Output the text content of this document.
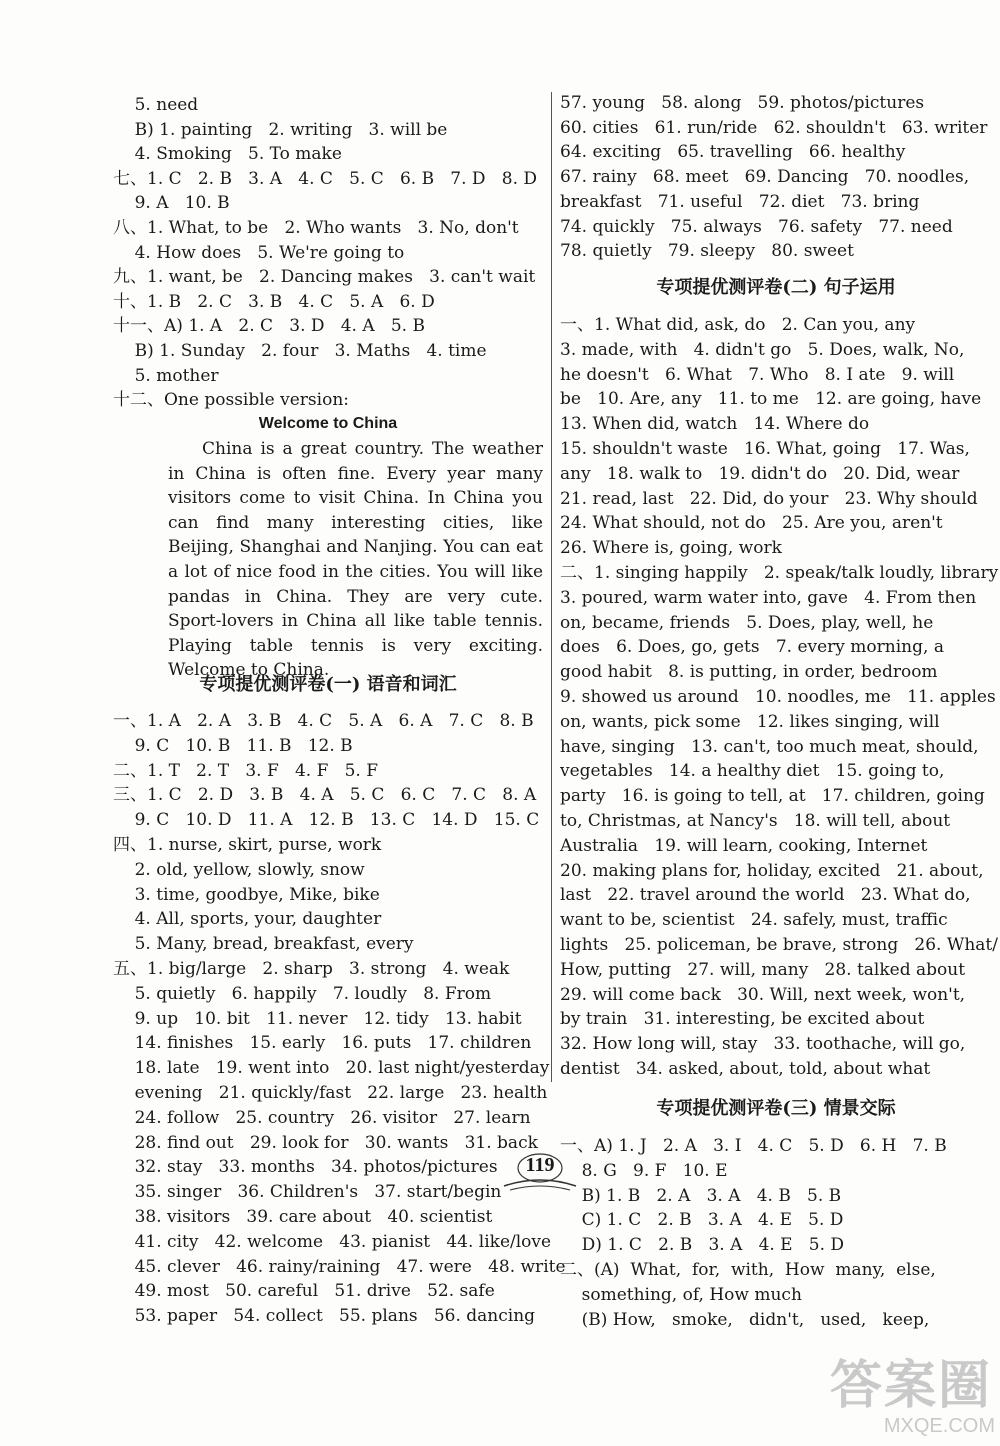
5. need
B) 1. painting   2. writing   3. will be
4. Smoking   5. To make
七、1. C   2. B   3. A   4. C   5. C   6. B   7. D   8. D
9. A   10. B
八、1. What, to be   2. Who wants   3. No, don't
4. How does   5. We're going to
九、1. want, be   2. Dancing makes   3. can't wait
十、1. B   2. C   3. B   4. C   5. A   6. D
十一、A) 1. A   2. C   3. D   4. A   5. B
B) 1. Sunday   2. four   3. Maths   4. time
5. mother
十二、One possible version:
Welcome to China
China is a great country. The weather in China is often fine. Every year many visitors come to visit China. In China you can find many interesting cities, like Beijing, Shanghai and Nanjing. You can eat a lot of nice food in the cities. You will like pandas in China. They are very cute. Sport-lovers in China all like table tennis. Playing table tennis is very exciting. Welcome to China.
专项提优测评卷(一) 语音和词汇
一、1. A   2. A   3. B   4. C   5. A   6. A   7. C   8. B
9. C   10. B   11. B   12. B
二、1. T   2. T   3. F   4. F   5. F
三、1. C   2. D   3. B   4. A   5. C   6. C   7. C   8. A
9. C   10. D   11. A   12. B   13. C   14. D   15. C
四、1. nurse, skirt, purse, work
2. old, yellow, slowly, snow
3. time, goodbye, Mike, bike
4. All, sports, your, daughter
5. Many, bread, breakfast, every
五、1. big/large   2. sharp   3. strong   4. weak
5. quietly   6. happily   7. loudly   8. From
9. up   10. bit   11. never   12. tidy   13. habit
14. finishes   15. early   16. puts   17. children
18. late   19. went into   20. last night/yesterday
evening   21. quickly/fast   22. large   23. health
24. follow   25. country   26. visitor   27. learn
28. find out   29. look for   30. wants   31. back
32. stay   33. months   34. photos/pictures
35. singer   36. Children's   37. start/begin
38. visitors   39. care about   40. scientist
41. city   42. welcome   43. pianist   44. like/love
45. clever   46. rainy/raining   47. were   48. write
49. most   50. careful   51. drive   52. safe
53. paper   54. collect   55. plans   56. dancing
57. young   58. along   59. photos/pictures
60. cities   61. run/ride   62. shouldn't   63. writer
64. exciting   65. travelling   66. healthy
67. rainy   68. meet   69. Dancing   70. noodles,
breakfast   71. useful   72. diet   73. bring
74. quickly   75. always   76. safety   77. need
78. quietly   79. sleepy   80. sweet
专项提优测评卷(二) 句子运用
一、1. What did, ask, do   2. Can you, any
3. made, with   4. didn't go   5. Does, walk, No,
he doesn't   6. What   7. Who   8. I ate   9. will
be   10. Are, any   11. to me   12. are going, have
13. When did, watch   14. Where do
15. shouldn't waste   16. What, going   17. Was,
any   18. walk to   19. didn't do   20. Did, wear
21. read, last   22. Did, do your   23. Why should
24. What should, not do   25. Are you, aren't
26. Where is, going, work
二、1. singing happily   2. speak/talk loudly, library
3. poured, warm water into, gave   4. From then
on, became, friends   5. Does, play, well, he
does   6. Does, go, gets   7. every morning, a
good habit   8. is putting, in order, bedroom
9. showed us around   10. noodles, me   11. apples
on, wants, pick some   12. likes singing, will
have, singing   13. can't, too much meat, should,
vegetables   14. a healthy diet   15. going to,
party   16. is going to tell, at   17. children, going
to, Christmas, at Nancy's   18. will tell, about
Australia   19. will learn, cooking, Internet
20. making plans for, holiday, excited   21. about,
last   22. travel around the world   23. What do,
want to be, scientist   24. safely, must, traffic
lights   25. policeman, be brave, strong   26. What/
How, putting   27. will, many   28. talked about
29. will come back   30. Will, next week, won't,
by train   31. interesting, be excited about
32. How long will, stay   33. toothache, will go,
dentist   34. asked, about, told, about what
专项提优测评卷(三) 情景交际
一、A) 1. J   2. A   3. I   4. C   5. D   6. H   7. B
8. G   9. F   10. E
B) 1. B   2. A   3. A   4. B   5. B
C) 1. C   2. B   3. A   4. E   5. D
D) 1. C   2. B   3. A   4. E   5. D
二、(A)  What,  for,  with,  How  many,  else,
something, of, How much
(B) How,   smoke,   didn't,   used,   keep,
119
答案圈
MXQE.COM
